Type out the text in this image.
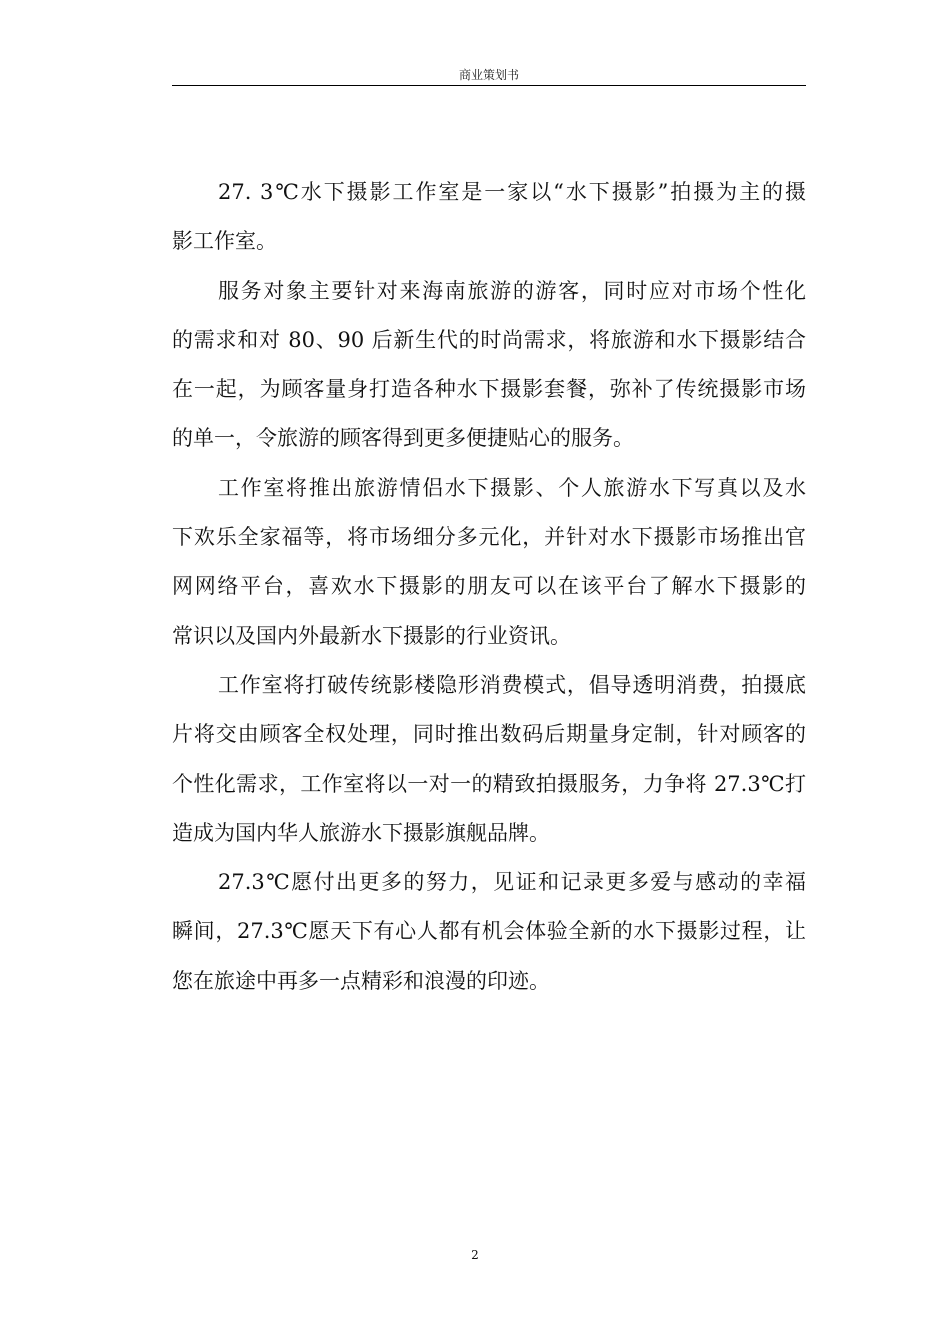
商业策划书
27. 3℃水下摄影工作室是一家以“水下摄影”拍摄为主的摄
影工作室。
服务对象主要针对来海南旅游的游客，同时应对市场个性化
的需求和对 80、90 后新生代的时尚需求，将旅游和水下摄影结合
在一起，为顾客量身打造各种水下摄影套餐，弥补了传统摄影市场
的单一，令旅游的顾客得到更多便捷贴心的服务。
工作室将推出旅游情侣水下摄影、个人旅游水下写真以及水
下欢乐全家福等，将市场细分多元化，并针对水下摄影市场推出官
网网络平台，喜欢水下摄影的朋友可以在该平台了解水下摄影的
常识以及国内外最新水下摄影的行业资讯。
工作室将打破传统影楼隐形消费模式，倡导透明消费，拍摄底
片将交由顾客全权处理，同时推出数码后期量身定制，针对顾客的
个性化需求，工作室将以一对一的精致拍摄服务，力争将 27.3℃打
造成为国内华人旅游水下摄影旗舰品牌。
27.3℃愿付出更多的努力，见证和记录更多爱与感动的幸福
瞬间，27.3℃愿天下有心人都有机会体验全新的水下摄影过程，让
您在旅途中再多一点精彩和浪漫的印迹。
2
